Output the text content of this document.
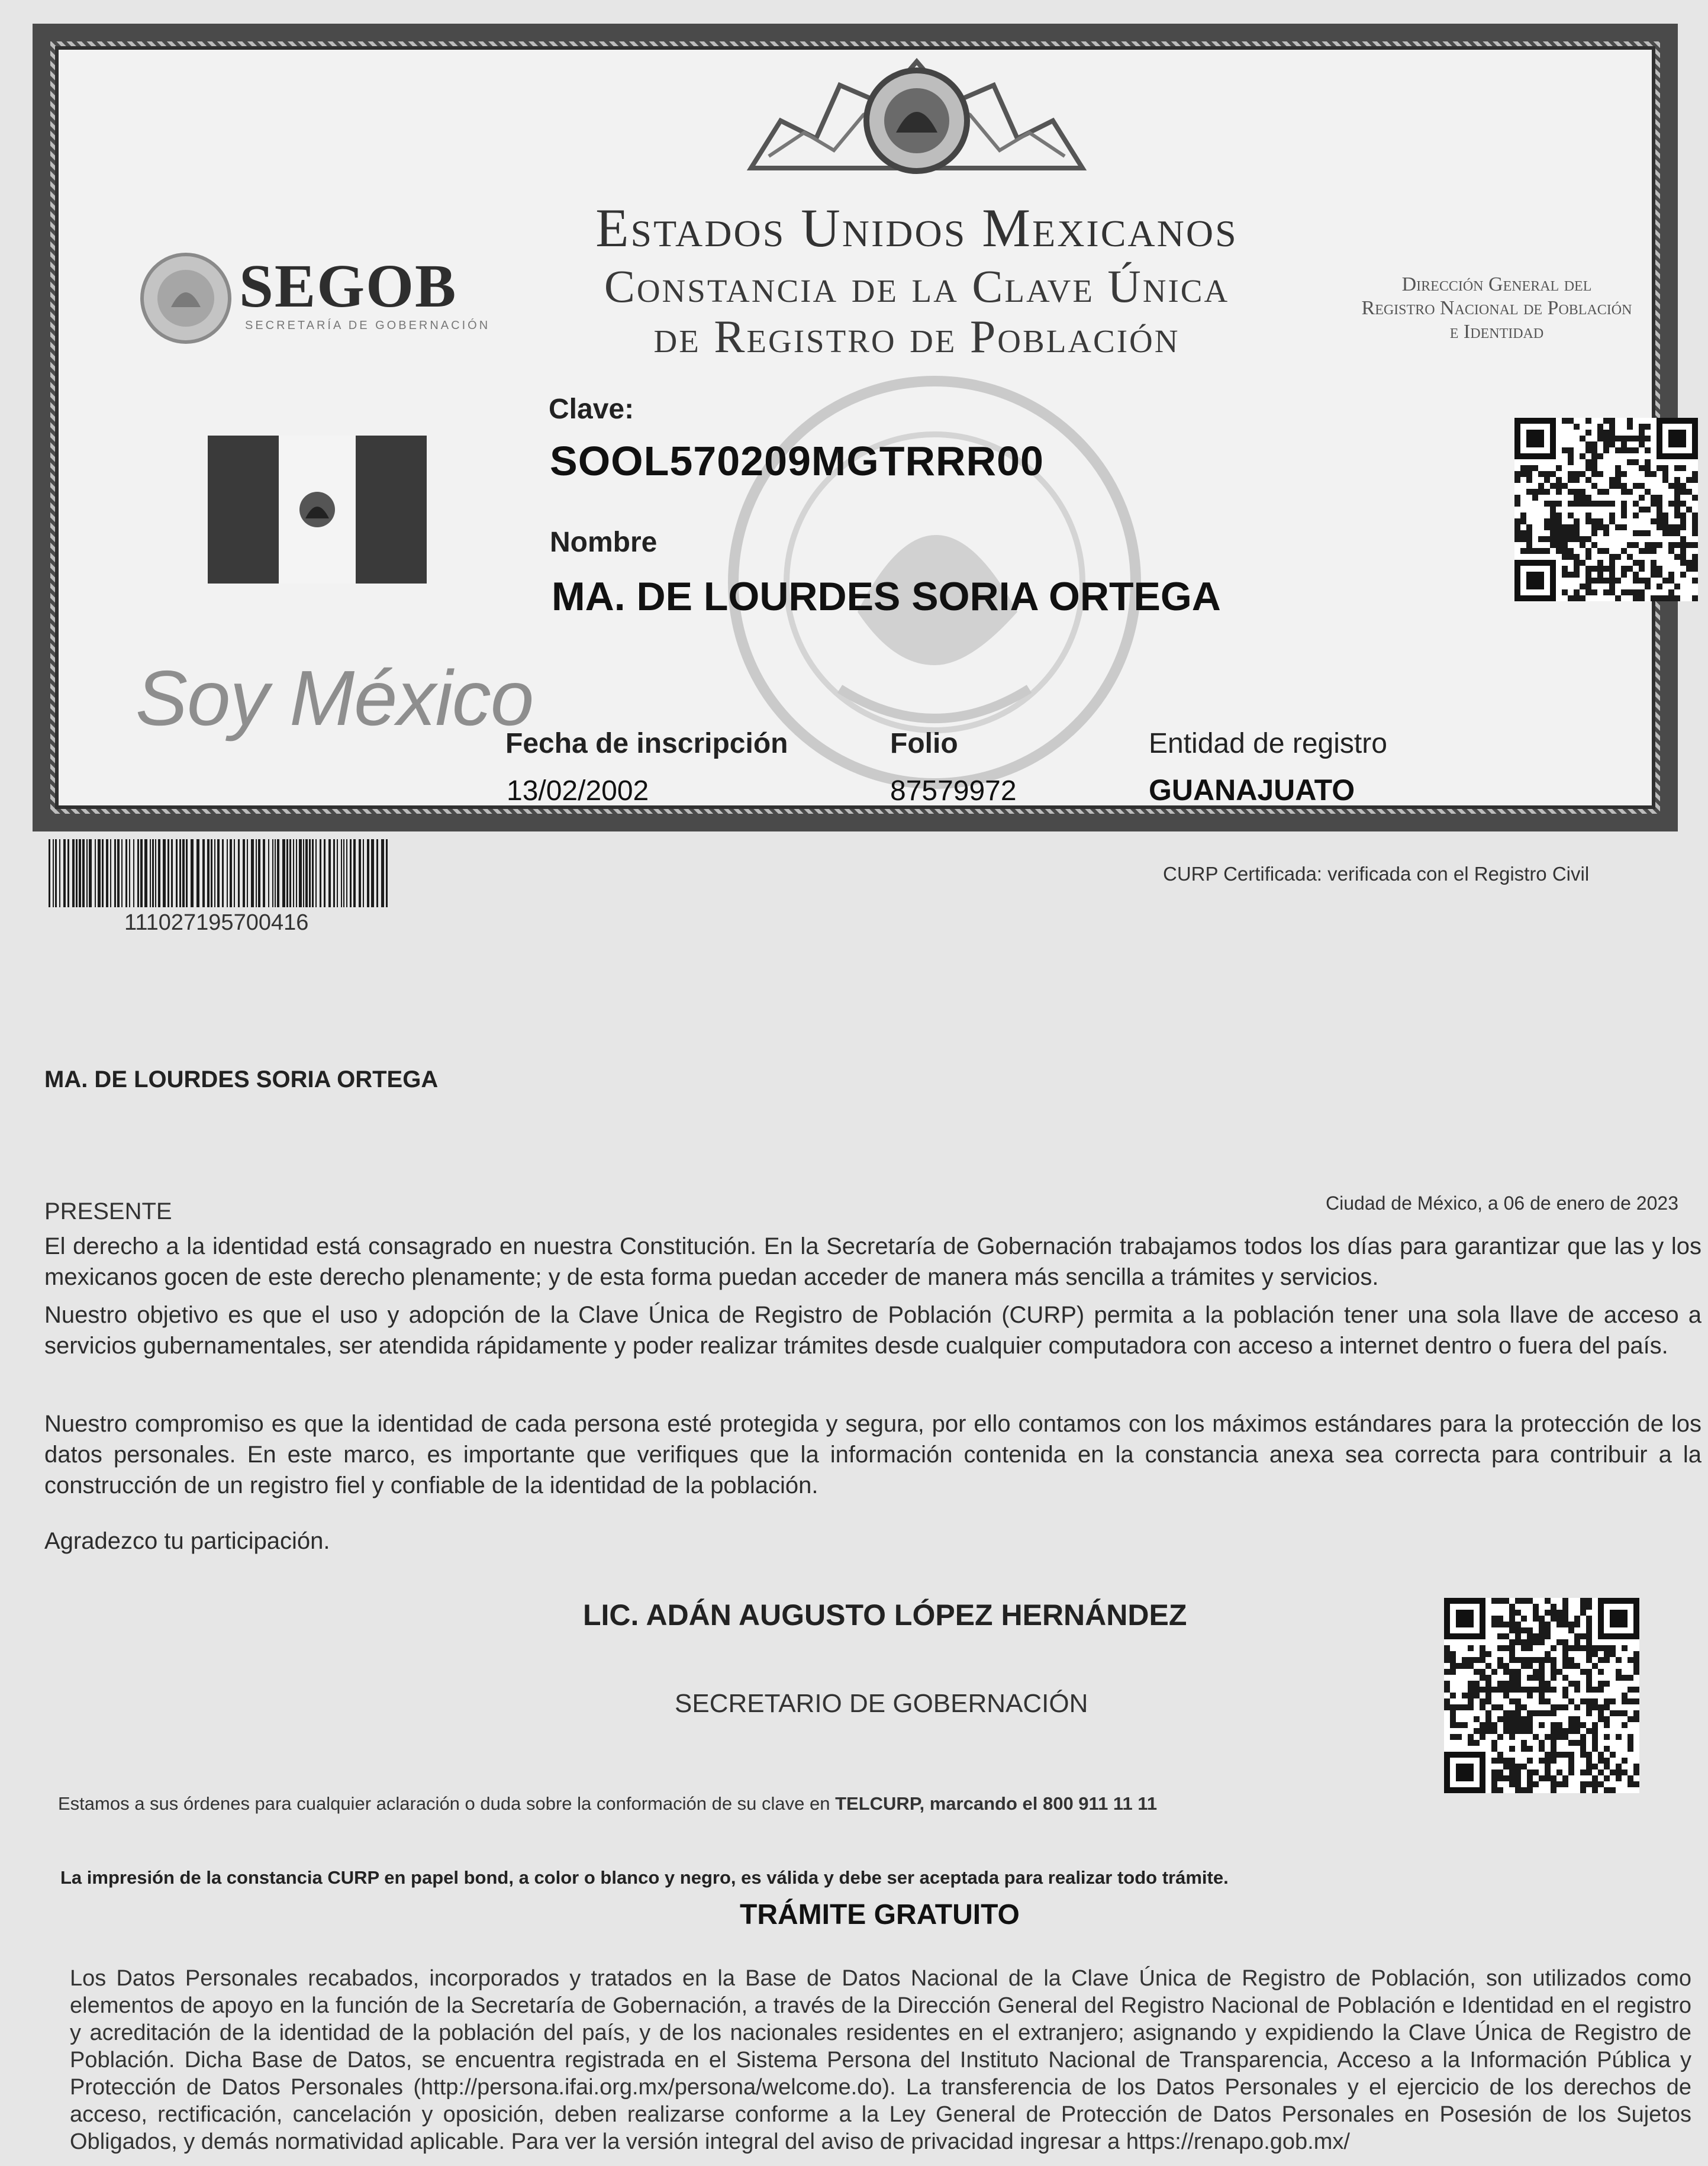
SEGOB
SECRETARÍA DE GOBERNACIÓN
Estados Unidos Mexicanos
Constancia de la Clave Única
de Registro de Población
Dirección General del
Registro Nacional de Población
e Identidad
Soy México
Clave:
SOOL570209MGTRRR00
Nombre
MA. DE LOURDES SORIA ORTEGA
Fecha de inscripción
13/02/2002
Folio
87579972
Entidad de registro
GUANAJUATO
111027195700416
CURP Certificada: verificada con el Registro Civil
MA. DE LOURDES SORIA ORTEGA
PRESENTE	Ciudad de México, a 06 de enero de 2023
El derecho a la identidad está consagrado en nuestra Constitución. En la Secretaría de Gobernación trabajamos todos los días para garantizar que las y los mexicanos gocen de este derecho plenamente; y de esta forma puedan acceder de manera más sencilla a trámites y servicios.
Nuestro objetivo es que el uso y adopción de la Clave Única de Registro de Población (CURP) permita a la población tener una sola llave de acceso a servicios gubernamentales, ser atendida rápidamente y poder realizar trámites desde cualquier computadora con acceso a internet dentro o fuera del país.
Nuestro compromiso es que la identidad de cada persona esté protegida y segura, por ello contamos con los máximos estándares para la protección de los datos personales. En este marco, es importante que verifiques que la información contenida en la constancia anexa sea correcta para contribuir a la construcción de un registro fiel y confiable de la identidad de la población.
Agradezco tu participación.
LIC. ADÁN AUGUSTO LÓPEZ HERNÁNDEZ
SECRETARIO DE GOBERNACIÓN
Estamos a sus órdenes para cualquier aclaración o duda sobre la conformación de su clave en TELCURP, marcando el 800 911 11 11
La impresión de la constancia CURP en papel bond, a color o blanco y negro, es válida y debe ser aceptada para realizar todo trámite.
TRÁMITE GRATUITO
Los Datos Personales recabados, incorporados y tratados en la Base de Datos Nacional de la Clave Única de Registro de Población, son utilizados como elementos de apoyo en la función de la Secretaría de Gobernación, a través de la Dirección General del Registro Nacional de Población e Identidad en el registro y acreditación de la identidad de la población del país, y de los nacionales residentes en el extranjero; asignando y expidiendo la Clave Única de Registro de Población. Dicha Base de Datos, se encuentra registrada en el Sistema Persona del Instituto Nacional de Transparencia, Acceso a la Información Pública y Protección de Datos Personales (http://persona.ifai.org.mx/persona/welcome.do). La transferencia de los Datos Personales y el ejercicio de los derechos de acceso, rectificación, cancelación y oposición, deben realizarse conforme a la Ley General de Protección de Datos Personales en Posesión de los Sujetos Obligados, y demás normatividad aplicable. Para ver la versión integral del aviso de privacidad ingresar a https://renapo.gob.mx/
